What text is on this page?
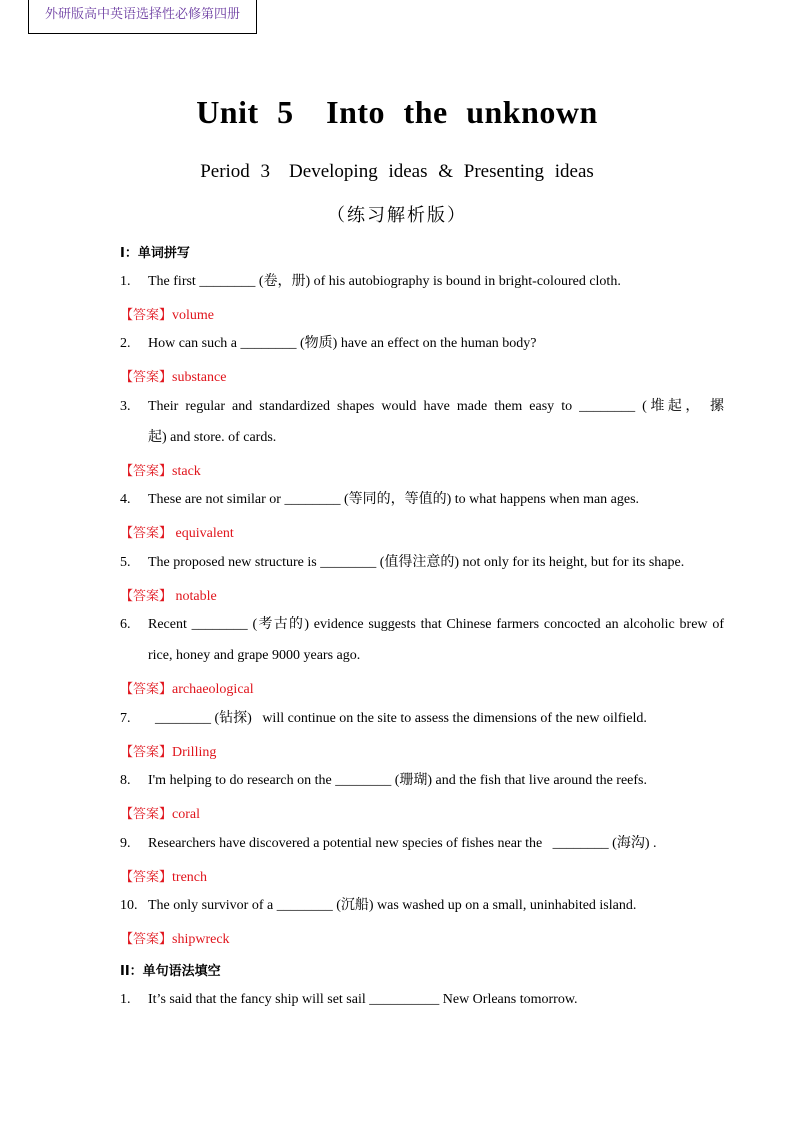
外研版高中英语选择性必修第四册
Unit 5 Into the unknown
Period 3 Developing ideas & Presenting ideas
（练习解析版）
I：单词拼写
1. The first ________ (卷，册) of his autobiography is bound in bright-coloured cloth.
【答案】volume
2. How can such a ________ (物质) have an effect on the human body?
【答案】substance
3. Their regular and standardized shapes would have made them easy to ________ (堆起， 摞
起) and store. of cards.
【答案】stack
4. These are not similar or ________ (等同的，等值的) to what happens when man ages.
【答案】 equivalent
5. The proposed new structure is ________ (值得注意的) not only for its height, but for its shape.
【答案】 notable
6. Recent ________ (考古的) evidence suggests that Chinese farmers concocted an alcoholic brew of
rice, honey and grape 9000 years ago.
【答案】archaeological
7. ________ (钻探)   will continue on the site to assess the dimensions of the new oilfield.
【答案】Drilling
8. I'm helping to do research on the ________ (珊瑚) and the fish that live around the reefs.
【答案】coral
9. Researchers have discovered a potential new species of fishes near the   ________ (海沟) .
【答案】trench
10. The only survivor of a ________ (沉船) was washed up on a small, uninhabited island.
【答案】shipwreck
II：单句语法填空
1. It’s said that the fancy ship will set sail __________ New Orleans tomorrow.
